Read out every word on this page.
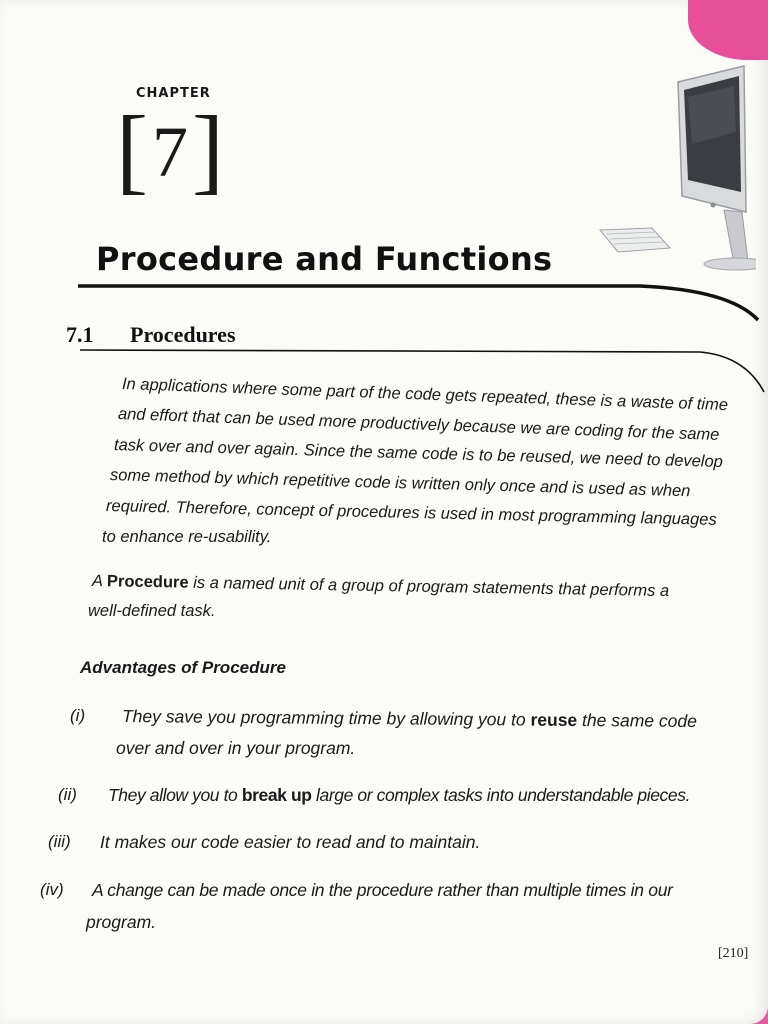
CHAPTER
[7]
Procedure and Functions
7.1 Procedures
In applications where some part of the code gets repeated, these is a waste of time
and effort that can be used more productively because we are coding for the same
task over and over again. Since the same code is to be reused, we need to develop
some method by which repetitive code is written only once and is used as when
required. Therefore, concept of procedures is used in most programming languages
to enhance re-usability.
A Procedure is a named unit of a group of program statements that performs a
well-defined task.
Advantages of Procedure
(i) They save you programming time by allowing you to reuse the same code
over and over in your program.
(ii) They allow you to break up large or complex tasks into understandable pieces.
(iii) It makes our code easier to read and to maintain.
(iv) A change can be made once in the procedure rather than multiple times in our
program.
[210]
